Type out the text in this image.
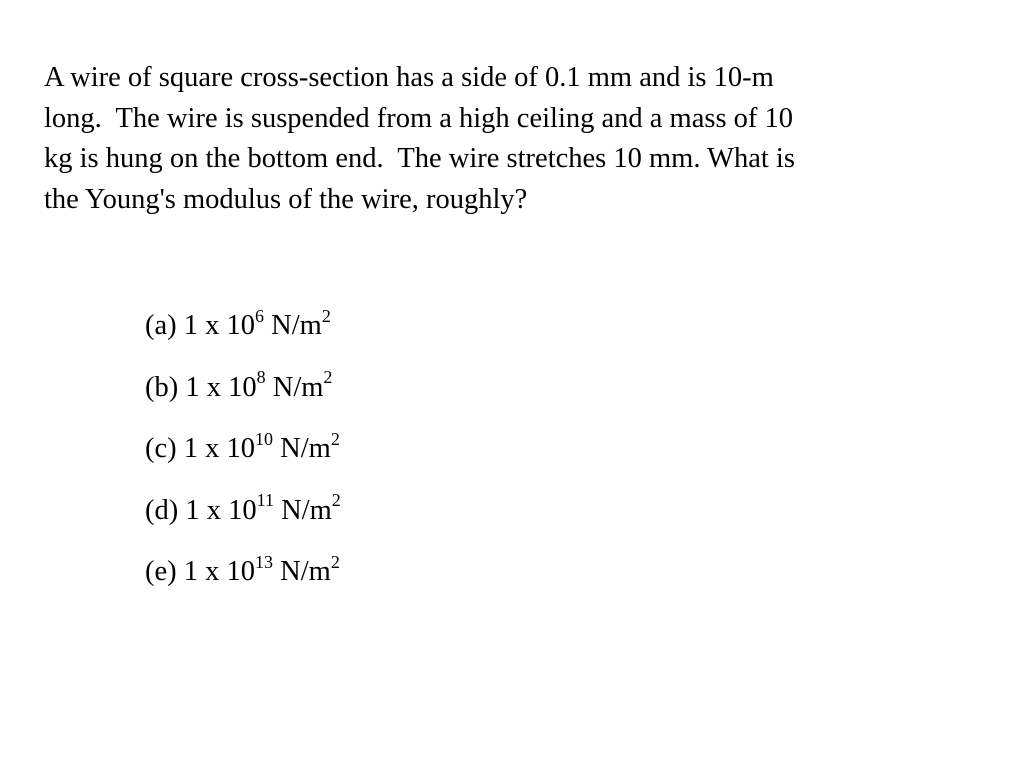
A wire of square cross-section has a side of 0.1 mm and is 10-m
long.  The wire is suspended from a high ceiling and a mass of 10
kg is hung on the bottom end.  The wire stretches 10 mm. What is
the Young's modulus of the wire, roughly?

(a) 1 x $10^6$ $N/m^2$
(b) 1 x $10^8$ $N/m^2$
(c) 1 x $10^{10}$ $N/m^2$
(d) 1 x $10^{11}$ $N/m^2$
(e) 1 x $10^{13}$ $N/m^2$
